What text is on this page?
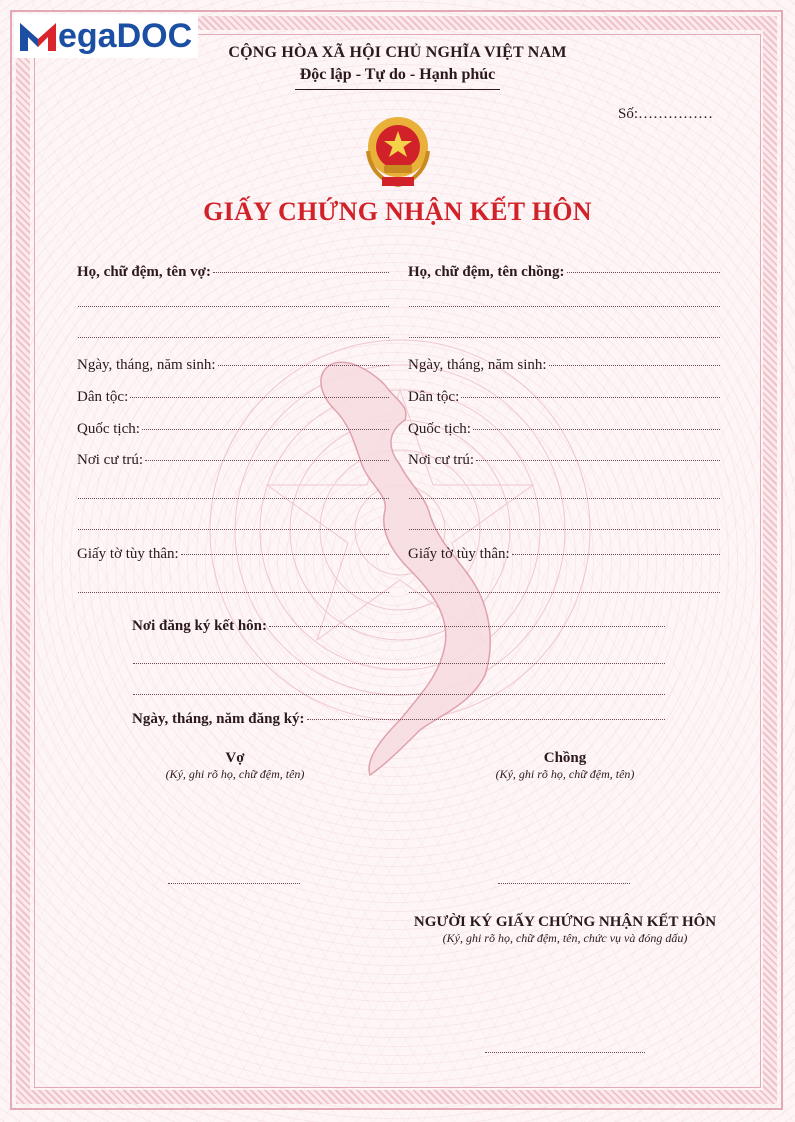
egaDOC	CỘNG HÒA XÃ HỘI CHỦ NGHĨA VIỆT NAM
Độc lập - Tự do - Hạnh phúc
Số:……………
GIẤY CHỨNG NHẬN KẾT HÔN
Họ, chữ đệm, tên vợ:
Ngày, tháng, năm sinh:
Dân tộc:
Quốc tịch:
Nơi cư trú:
Giấy tờ tùy thân:
Họ, chữ đệm, tên chồng:
Ngày, tháng, năm sinh:
Dân tộc:
Quốc tịch:
Nơi cư trú:
Giấy tờ tùy thân:
Nơi đăng ký kết hôn:
Ngày, tháng, năm đăng ký:
Vợ
(Ký, ghi rõ họ, chữ đệm, tên)
Chồng
(Ký, ghi rõ họ, chữ đệm, tên)
NGƯỜI KÝ GIẤY CHỨNG NHẬN KẾT HÔN
(Ký, ghi rõ họ, chữ đệm, tên, chức vụ và đóng dấu)
